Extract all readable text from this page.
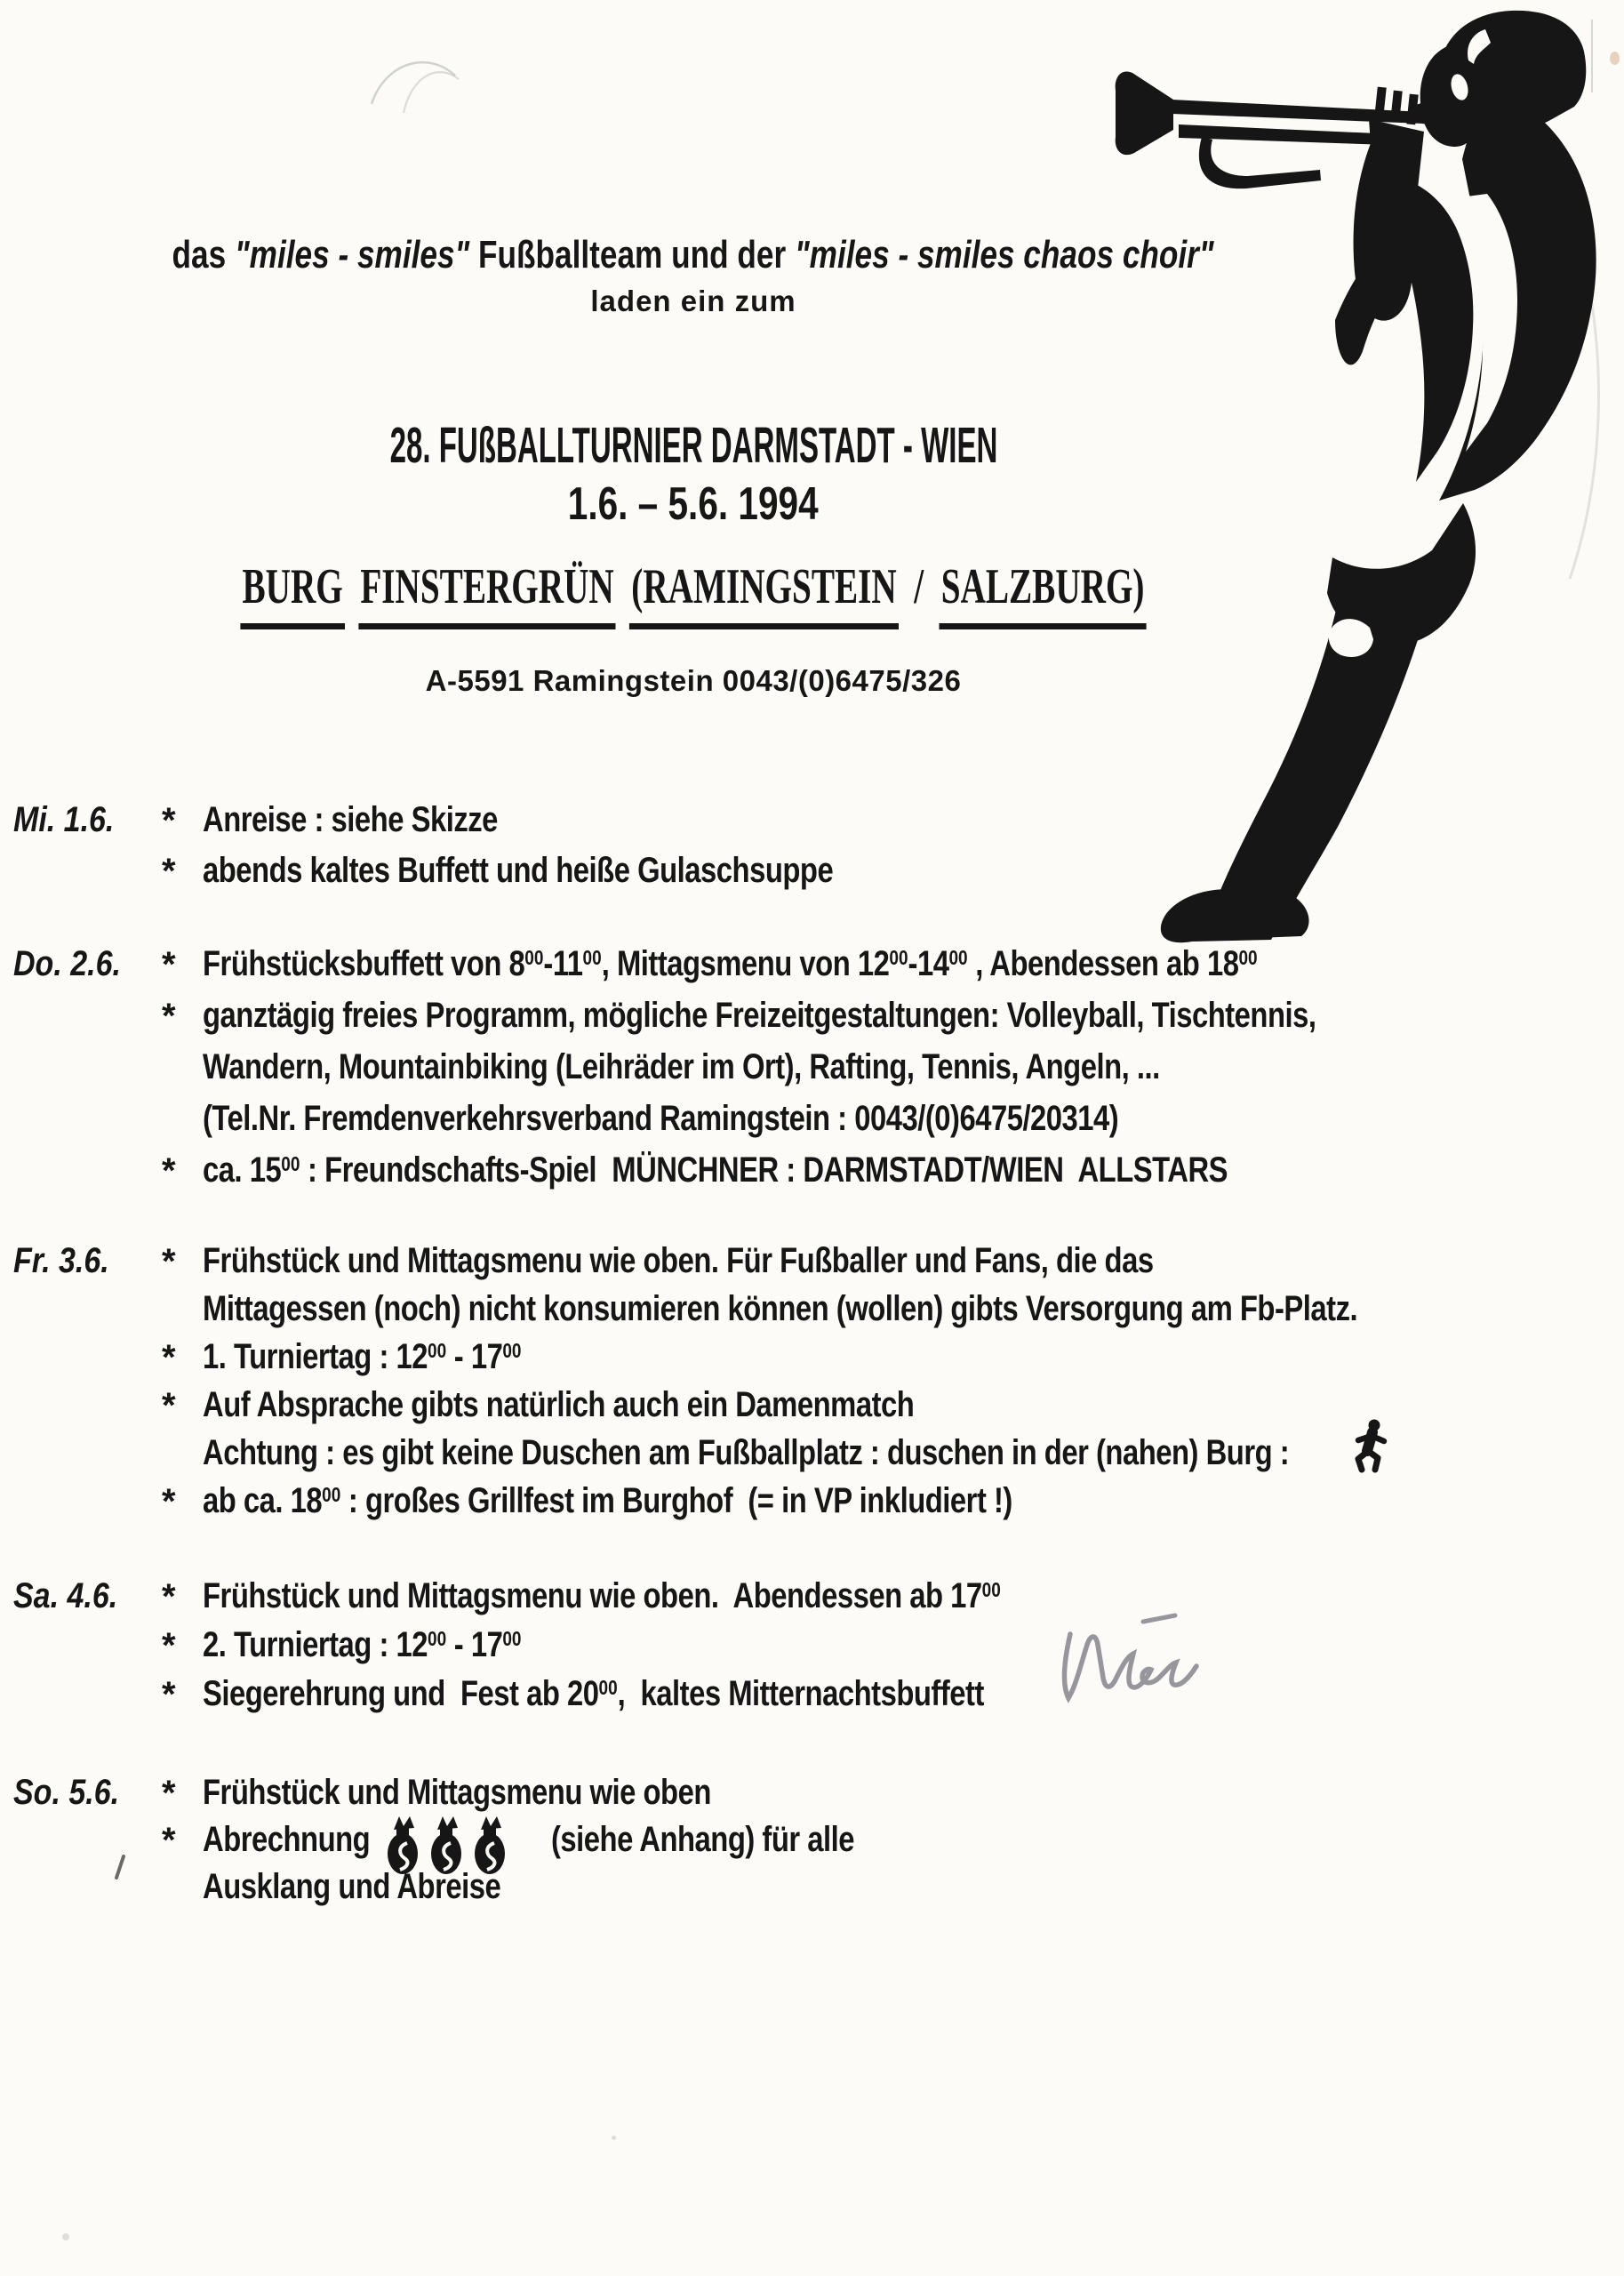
das "miles - smiles" Fußballteam und der "miles - smiles chaos choir"
laden ein zum
28. FUßBALLTURNIER DARMSTADT - WIEN
1.6. – 5.6. 1994
BURG FINSTERGRÜN (RAMINGSTEIN / SALZBURG)
A-5591 Ramingstein 0043/(0)6475/326
Mi. 1.6. * Anreise : siehe Skizze
* abends kaltes Buffett und heiße Gulaschsuppe
Do. 2.6. * Frühstücksbuffett von $8^{00}-11^{00}$, Mittagsmenu von $12^{00}-14^{00}$ , Abendessen ab $18^{00}$
* ganztägig freies Programm, mögliche Freizeitgestaltungen: Volleyball, Tischtennis,
Wandern, Mountainbiking (Leihräder im Ort), Rafting, Tennis, Angeln, ...
(Tel.Nr. Fremdenverkehrsverband Ramingstein : 0043/(0)6475/20314)
* ca. $15^{00}$ : Freundschafts-Spiel  MÜNCHNER : DARMSTADT/WIEN  ALLSTARS
Fr. 3.6. * Frühstück und Mittagsmenu wie oben. Für Fußballer und Fans, die das
Mittagessen (noch) nicht konsumieren können (wollen) gibts Versorgung am Fb-Platz.
* 1. Turniertag : $12^{00} - 17^{00}$
* Auf Absprache gibts natürlich auch ein Damenmatch
Achtung : es gibt keine Duschen am Fußballplatz : duschen in der (nahen) Burg :
* ab ca. $18^{00}$ : großes Grillfest im Burghof  (= in VP inkludiert !)
Sa. 4.6. * Frühstück und Mittagsmenu wie oben.  Abendessen ab $17^{00}$
* 2. Turniertag : $12^{00} - 17^{00}$
* Siegerehrung und  Fest ab $20^{00}$,  kaltes Mitternachtsbuffett
So. 5.6. * Frühstück und Mittagsmenu wie oben
* Abrechnung	(siehe Anhang) für alle
Ausklang und Abreise
